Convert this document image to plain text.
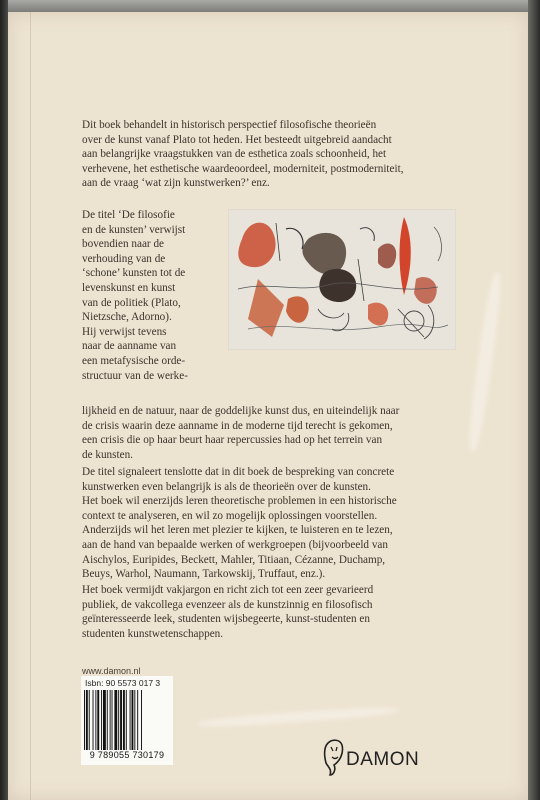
Dit boek behandelt in historisch perspectief filosofische theorieën
over de kunst vanaf Plato tot heden. Het besteedt uitgebreid aandacht
aan belangrijke vraagstukken van de esthetica zoals schoonheid, het
verhevene, het esthetische waardeoordeel, moderniteit, postmoderniteit,
aan de vraag ‘wat zijn kunstwerken?’ enz.
De titel ‘De filosofie
en de kunsten’ verwijst
bovendien naar de
verhouding van de
‘schone’ kunsten tot de
levenskunst en kunst
van de politiek (Plato,
Nietzsche, Adorno).
Hij verwijst tevens
naar de aanname van
een metafysische orde-
structuur van de werke-
lijkheid en de natuur, naar de goddelijke kunst dus, en uiteindelijk naar
de crisis waarin deze aanname in de moderne tijd terecht is gekomen,
een crisis die op haar beurt haar repercussies had op het terrein van
de kunsten.
De titel signaleert tenslotte dat in dit boek de bespreking van concrete
kunstwerken even belangrijk is als de theorieën over de kunsten.
Het boek wil enerzijds leren theoretische problemen in een historische
context te analyseren, en wil zo mogelijk oplossingen voorstellen.
Anderzijds wil het leren met plezier te kijken, te luisteren en te lezen,
aan de hand van bepaalde werken of werkgroepen (bijvoorbeeld van
Aischylos, Euripides, Beckett, Mahler, Titiaan, Cézanne, Duchamp,
Beuys, Warhol, Naumann, Tarkowskij, Truffaut, enz.).
Het boek vermijdt vakjargon en richt zich tot een zeer gevarieerd
publiek, de vakcollega evenzeer als de kunstzinnig en filosofisch
geïnteresseerde leek, studenten wijsbegeerte, kunst-studenten en
studenten kunstwetenschappen.
www.damon.nl
Isbn: 90 5573 017 3
9 789055 730179	DAMON
